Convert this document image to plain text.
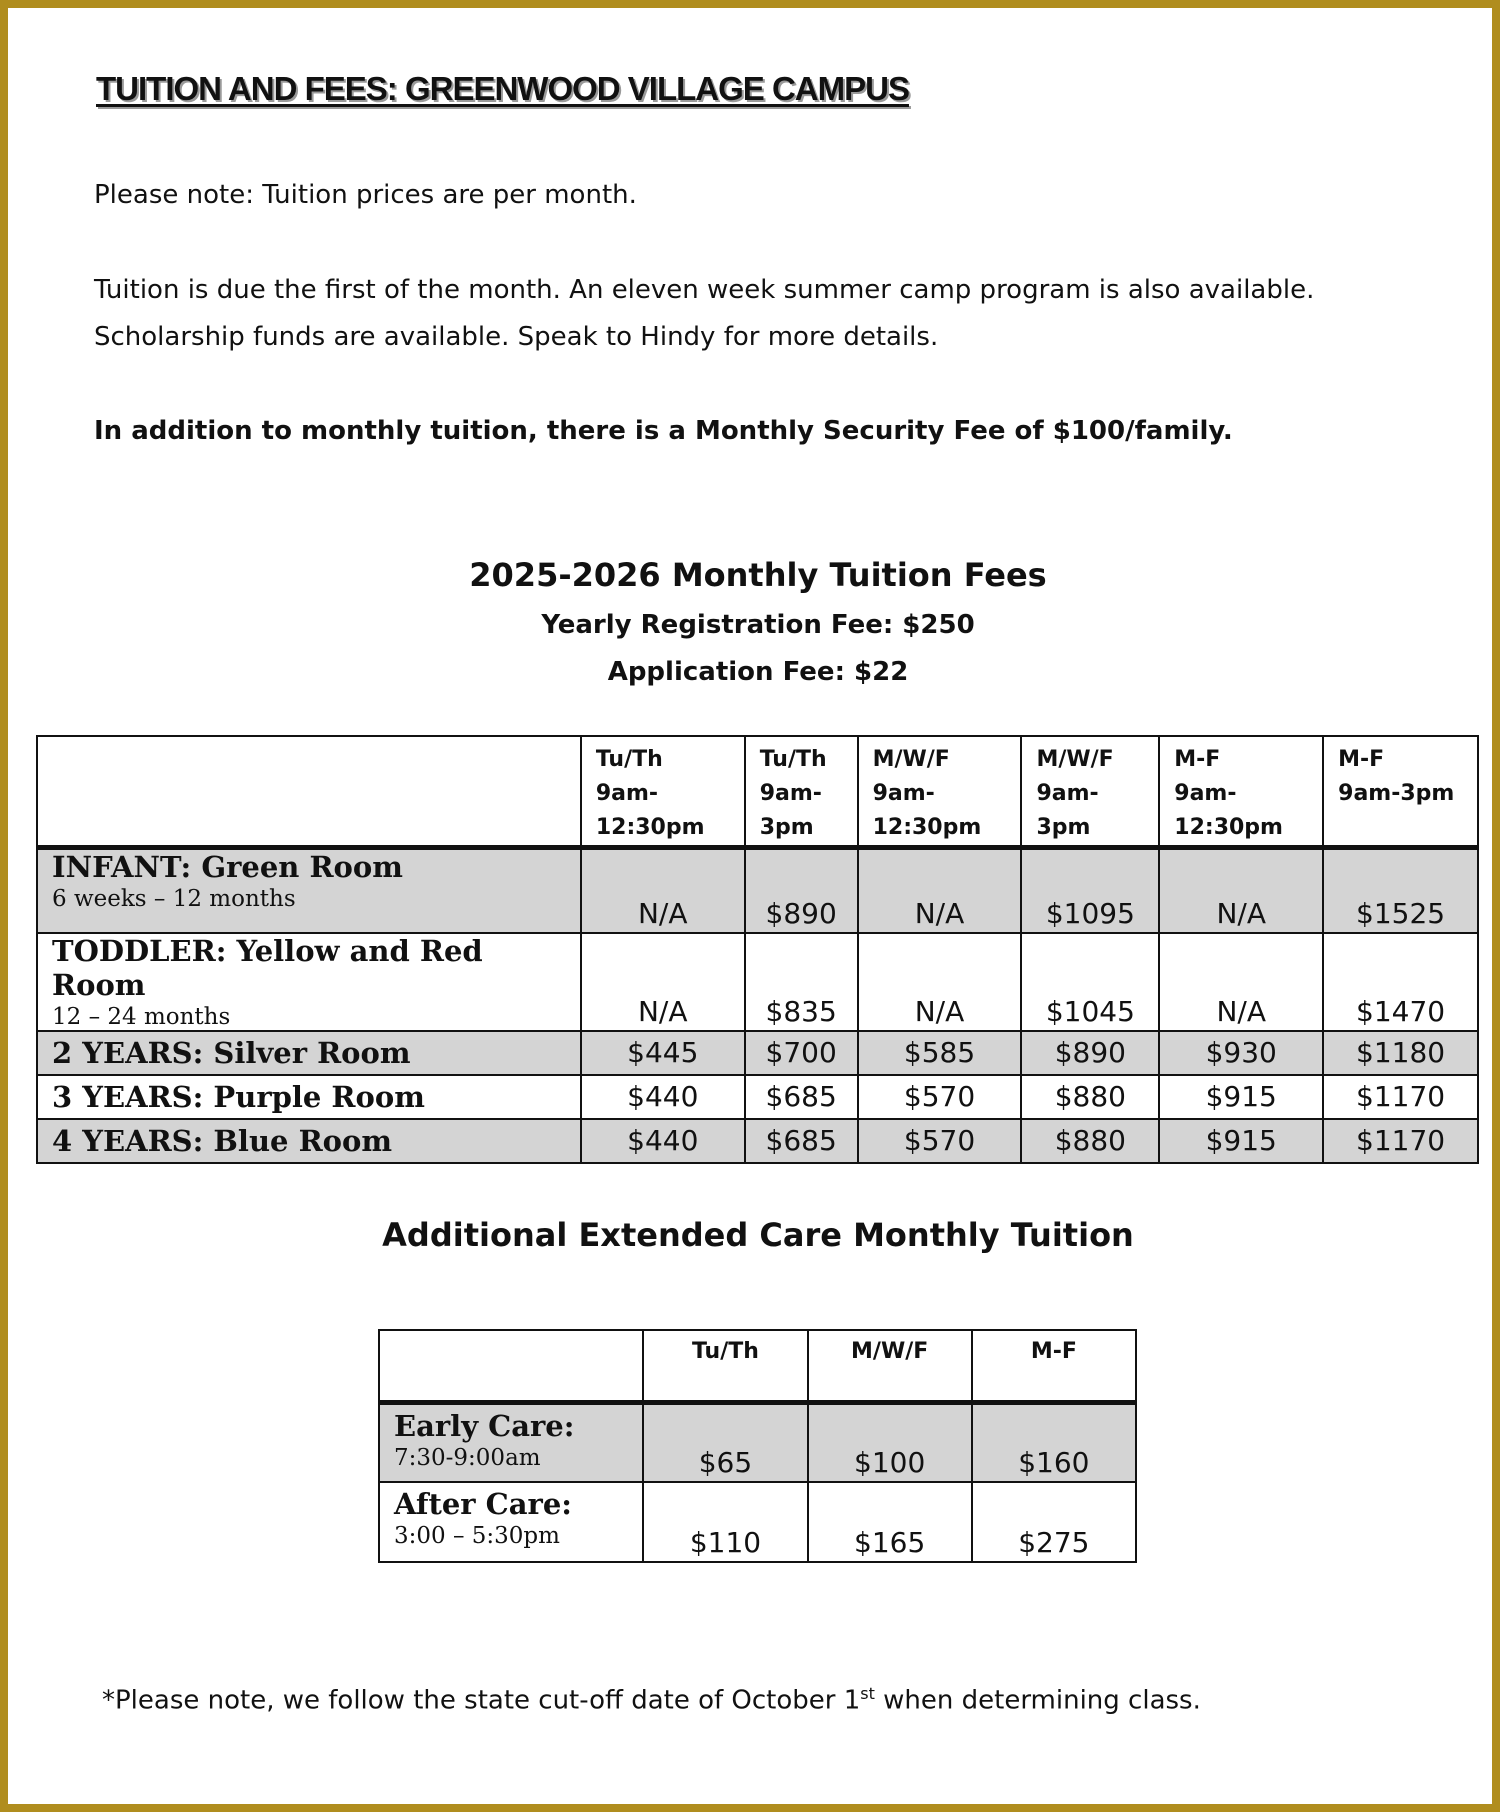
TUITION AND FEES: GREENWOOD VILLAGE CAMPUS

Please note: Tuition prices are per month.

Tuition is due the first of the month. An eleven week summer camp program is also available.
Scholarship funds are available. Speak to Hindy for more details.

In addition to monthly tuition, there is a Monthly Security Fee of $100/family.

2025-2026 Monthly Tuition Fees
Yearly Registration Fee: $250
Application Fee: $22
	Tu/Th
9am-
12:30pm	Tu/Th
9am-
3pm	M/W/F
9am-
12:30pm	M/W/F
9am-
3pm	M-F
9am-
12:30pm	M-F
9am-3pm
INFANT: Green Room
6 weeks – 12 months	N/A	$890	N/A	$1095	N/A	$1525
TODDLER: Yellow and Red Room
12 – 24 months	N/A	$835	N/A	$1045	N/A	$1470
2 YEARS: Silver Room	$445	$700	$585	$890	$930	$1180
3 YEARS: Purple Room	$440	$685	$570	$880	$915	$1170
4 YEARS: Blue Room	$440	$685	$570	$880	$915	$1170
Additional Extended Care Monthly Tuition
	Tu/Th	M/W/F	M-F
Early Care:
7:30-9:00am	$65	$100	$160
After Care:
3:00 – 5:30pm	$110	$165	$275
*Please note, we follow the state cut-off date of October 1st when determining class.
